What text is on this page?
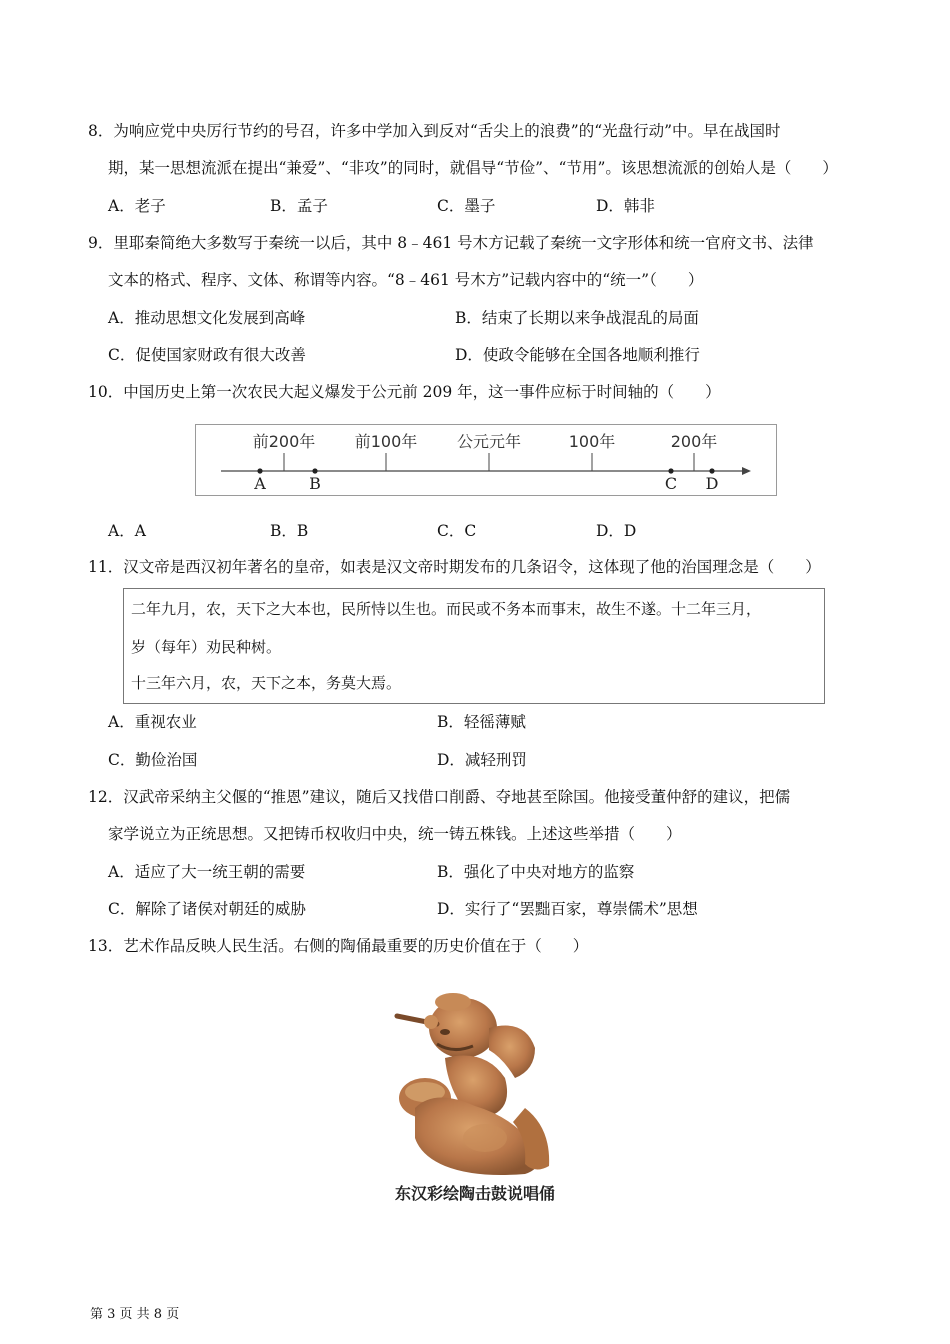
8．为响应党中央厉行节约的号召，许多中学加入到反对“舌尖上的浪费”的“光盘行动”中。早在战国时
期，某一思想流派在提出“兼爱”、“非攻”的同时，就倡导“节俭”、“节用”。该思想流派的创始人是（　　）
A．老子	B．孟子	C．墨子	D．韩非
9．里耶秦简绝大多数写于秦统一以后，其中 8﹣461 号木方记载了秦统一文字形体和统一官府文书、法律
文本的格式、程序、文体、称谓等内容。“8﹣461 号木方”记载内容中的“统一”（　　）
A．推动思想文化发展到高峰	B．结束了长期以来争战混乱的局面
C．促使国家财政有很大改善	D．使政令能够在全国各地顺利推行
10．中国历史上第一次农民大起义爆发于公元前 209 年，这一事件应标于时间轴的（　　）
前200年 前100年 公元元年	100年	200年
A	B	C D
A．A	B．B	C．C	D．D
11．汉文帝是西汉初年著名的皇帝，如表是汉文帝时期发布的几条诏令，这体现了他的治国理念是（　　）
二年九月，农，天下之大本也，民所恃以生也。而民或不务本而事末，故生不遂。十二年三月，
岁（每年）劝民种树。
十三年六月，农，天下之本，务莫大焉。
A．重视农业	B．轻徭薄赋
C．勤俭治国	D．减轻刑罚
12．汉武帝采纳主父偃的“推恩”建议，随后又找借口削爵、夺地甚至除国。他接受董仲舒的建议，把儒
家学说立为正统思想。又把铸币权收归中央，统一铸五株钱。上述这些举措（　　）
A．适应了大一统王朝的需要	B．强化了中央对地方的监察
C．解除了诸侯对朝廷的威胁	D．实行了“罢黜百家，尊崇儒术”思想
13．艺术作品反映人民生活。右侧的陶俑最重要的历史价值在于（　　）
东汉彩绘陶击鼓说唱俑
第 3 页 共 8 页
